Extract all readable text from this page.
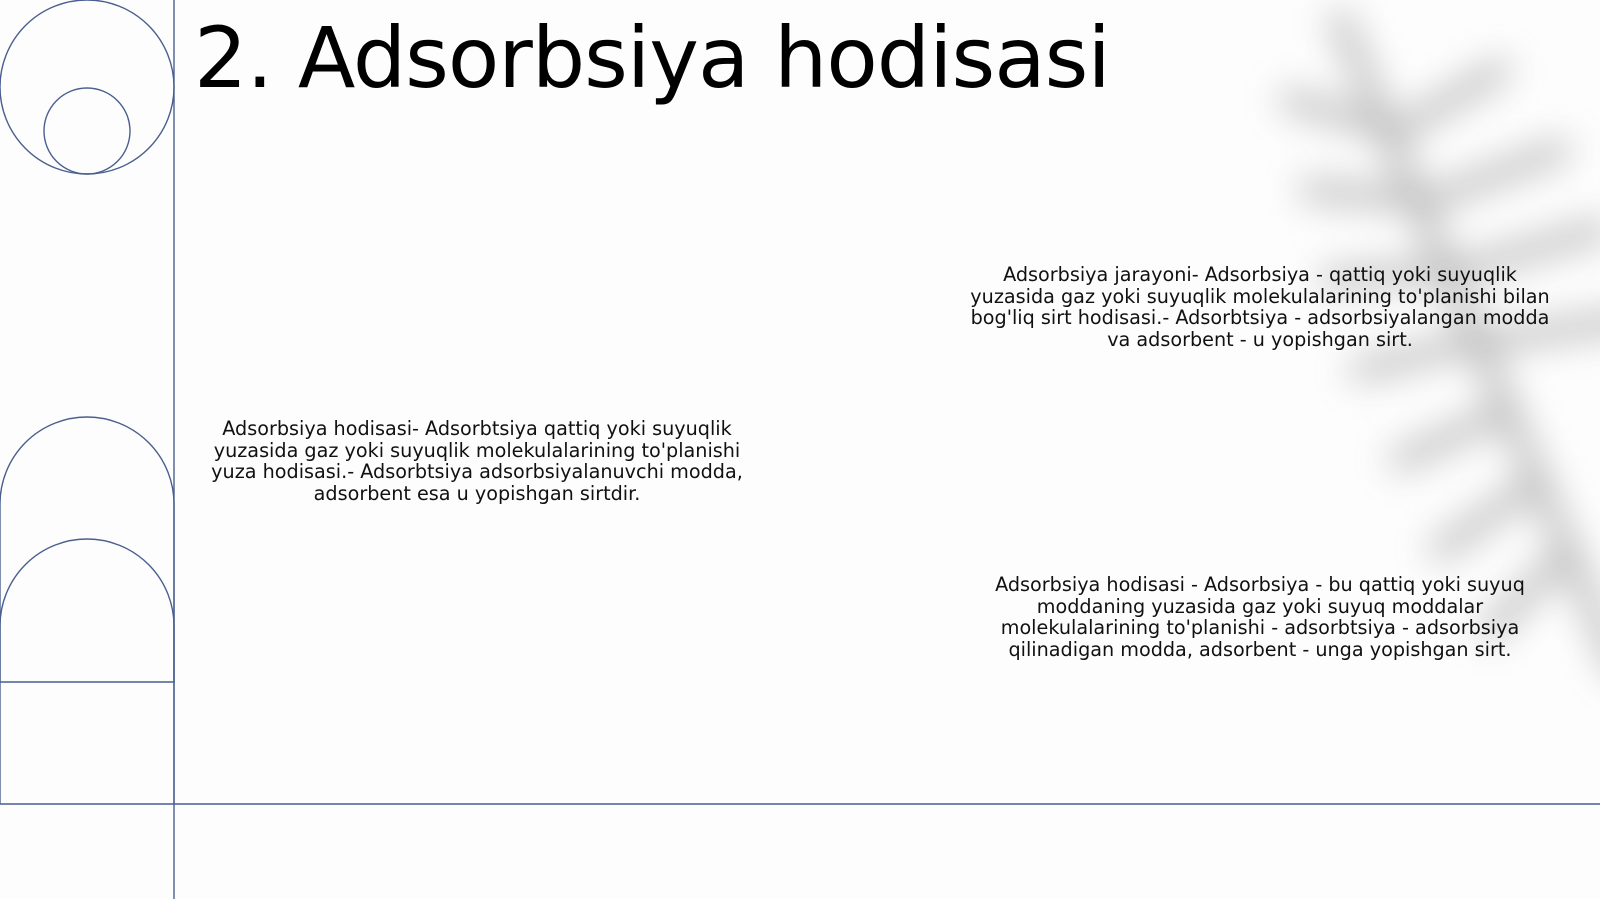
2. Adsorbsiya hodisasi

Adsorbsiya hodisasi- Adsorbtsiya qattiq yoki suyuqlik yuzasida gaz yoki suyuqlik molekulalarining to'planishi yuza hodisasi.- Adsorbtsiya adsorbsiyalanuvchi modda, adsorbent esa u yopishgan sirtdir.

Adsorbsiya jarayoni- Adsorbsiya - qattiq yoki suyuqlik yuzasida gaz yoki suyuqlik molekulalarining to'planishi bilan bog'liq sirt hodisasi.- Adsorbtsiya - adsorbsiyalangan modda va adsorbent - u yopishgan sirt.

Adsorbsiya hodisasi - Adsorbsiya - bu qattiq yoki suyuq moddaning yuzasida gaz yoki suyuq moddalar molekulalarining to'planishi - adsorbtsiya - adsorbsiya qilinadigan modda, adsorbent - unga yopishgan sirt.
